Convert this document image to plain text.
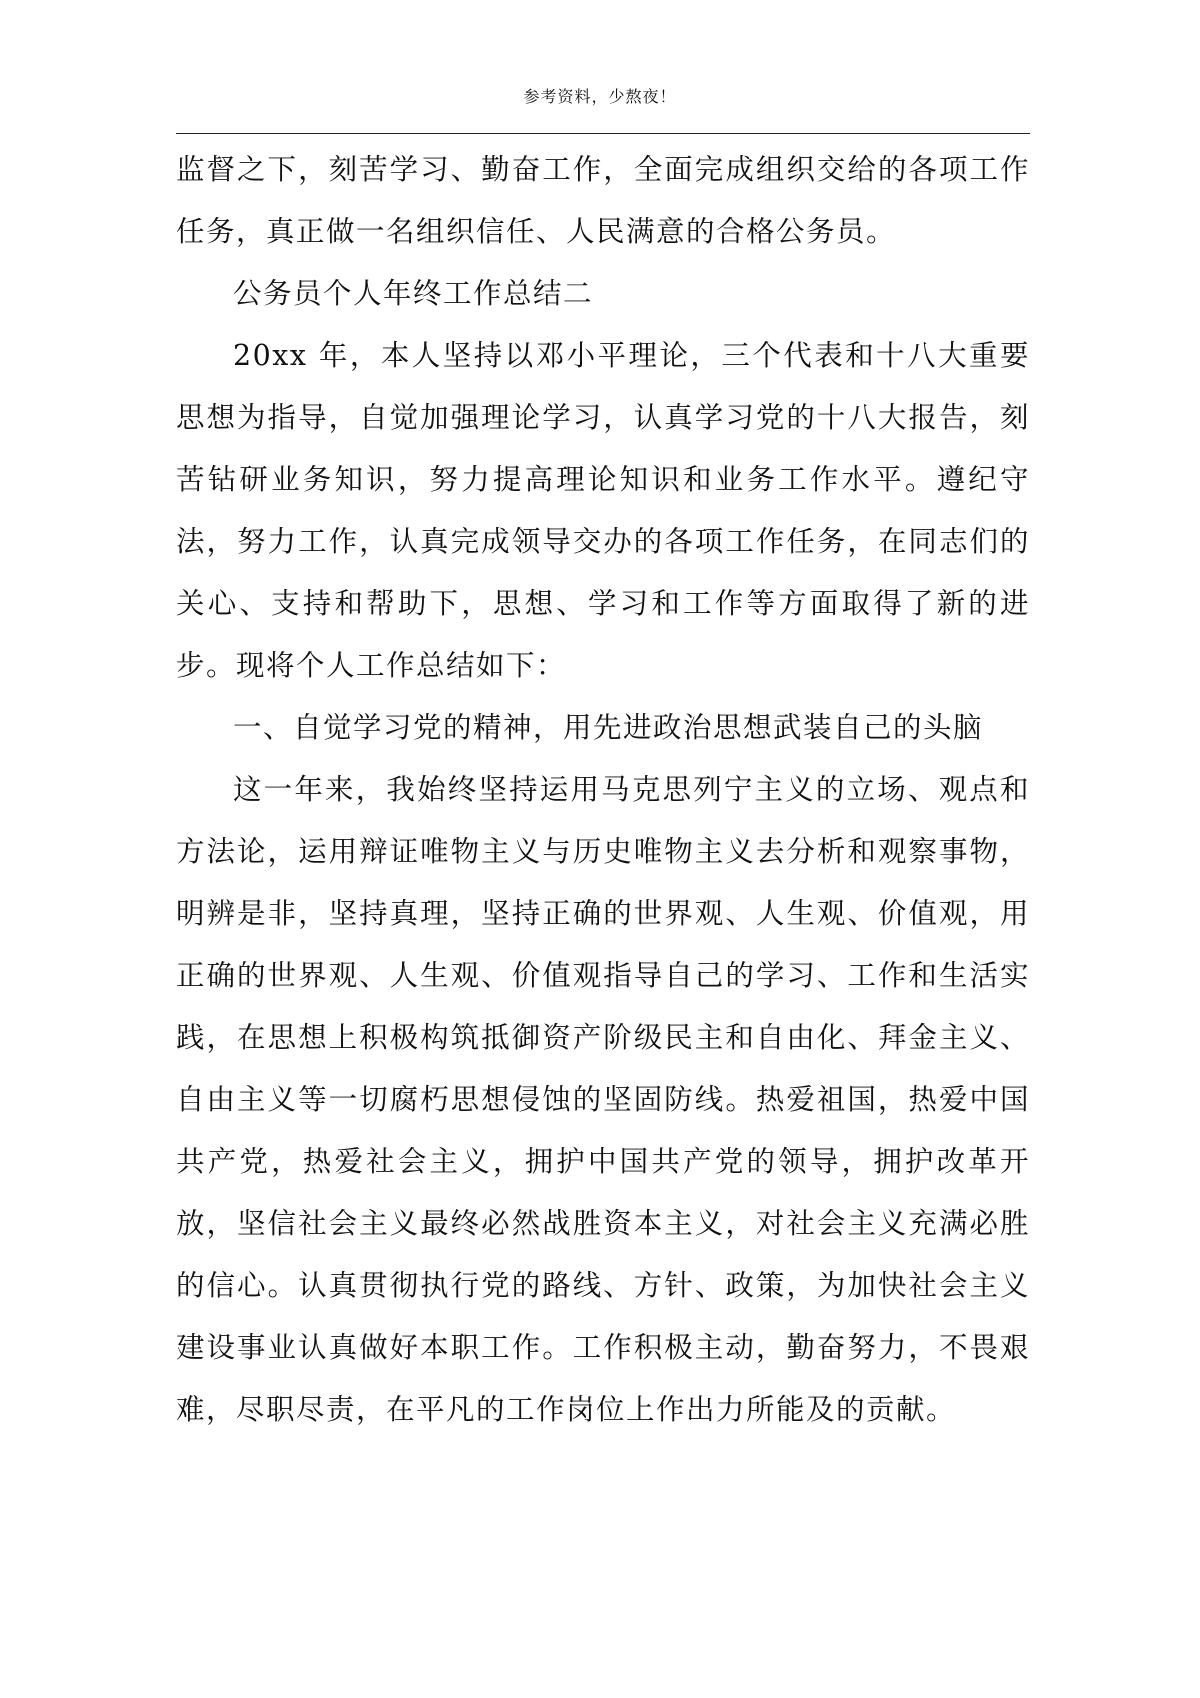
参考资料，少熬夜！

监督之下，刻苦学习、勤奋工作，全面完成组织交给的各项工作任务，真正做一名组织信任、人民满意的合格公务员。

公务员个人年终工作总结二

20xx 年，本人坚持以邓小平理论，三个代表和十八大重要思想为指导，自觉加强理论学习，认真学习党的十八大报告，刻苦钻研业务知识，努力提高理论知识和业务工作水平。遵纪守法，努力工作，认真完成领导交办的各项工作任务，在同志们的关心、支持和帮助下，思想、学习和工作等方面取得了新的进步。现将个人工作总结如下：

一、自觉学习党的精神，用先进政治思想武装自己的头脑

这一年来，我始终坚持运用马克思列宁主义的立场、观点和方法论，运用辩证唯物主义与历史唯物主义去分析和观察事物，明辨是非，坚持真理，坚持正确的世界观、人生观、价值观，用正确的世界观、人生观、价值观指导自己的学习、工作和生活实践，在思想上积极构筑抵御资产阶级民主和自由化、拜金主义、自由主义等一切腐朽思想侵蚀的坚固防线。热爱祖国，热爱中国共产党，热爱社会主义，拥护中国共产党的领导，拥护改革开放，坚信社会主义最终必然战胜资本主义，对社会主义充满必胜的信心。认真贯彻执行党的路线、方针、政策，为加快社会主义建设事业认真做好本职工作。工作积极主动，勤奋努力，不畏艰难，尽职尽责，在平凡的工作岗位上作出力所能及的贡献。
